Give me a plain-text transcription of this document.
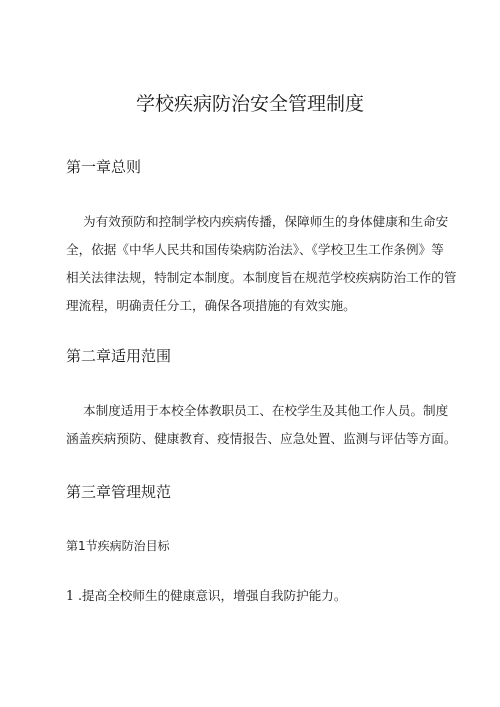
学校疾病防治安全管理制度
第一章总则
为有效预防和控制学校内疾病传播，保障师生的身体健康和生命安
全，依据《中华人民共和国传染病防治法》、《学校卫生工作条例》等
相关法律法规，特制定本制度。本制度旨在规范学校疾病防治工作的管
理流程，明确责任分工，确保各项措施的有效实施。
第二章适用范围
本制度适用于本校全体教职员工、在校学生及其他工作人员。制度
涵盖疾病预防、健康教育、疫情报告、应急处置、监测与评估等方面。
第三章管理规范
第1节疾病防治目标
1 .提高全校师生的健康意识，增强自我防护能力。
